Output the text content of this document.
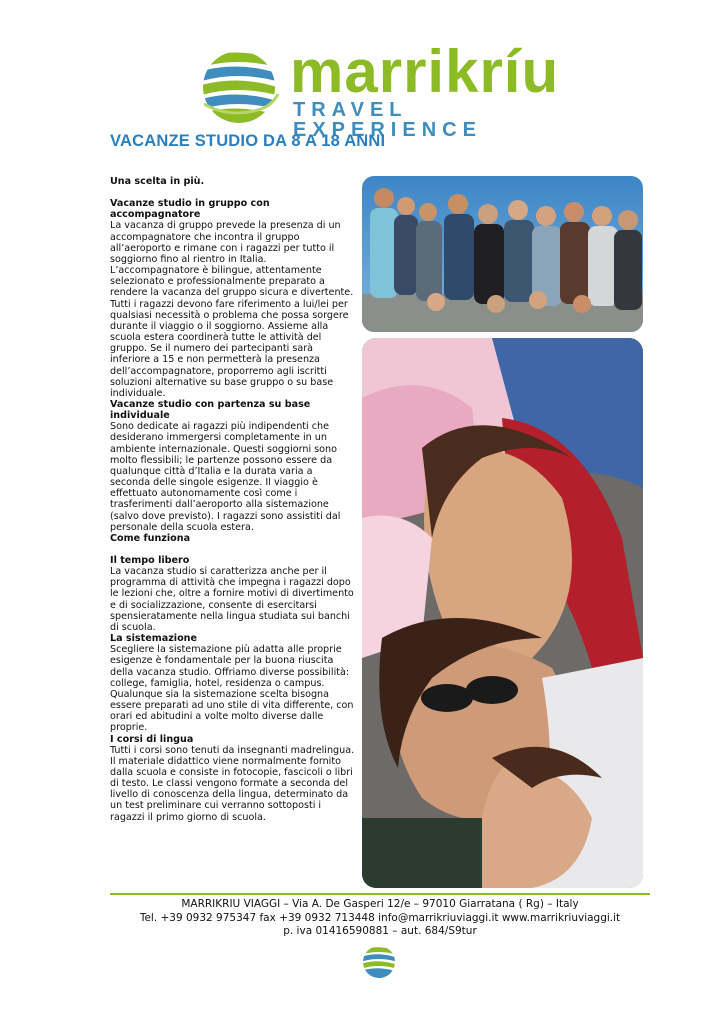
marrikríu
TRAVEL EXPERIENCE
VACANZE STUDIO DA 8 A 18 ANNI

Una scelta in più.

Vacanze studio in gruppo con accompagnatore

La vacanza di gruppo prevede la presenza di un accompagnatore che incontra il gruppo all’aeroporto e rimane con i ragazzi per tutto il soggiorno fino al rientro in Italia. L’accompagnatore è bilingue, attentamente selezionato e professionalmente preparato a rendere la vacanza del gruppo sicura e divertente. Tutti i ragazzi devono fare riferimento a lui/lei per qualsiasi necessità o problema che possa sorgere durante il viaggio o il soggiorno. Assieme alla scuola estera coordinerà tutte le attività del gruppo. Se il numero dei partecipanti sarà inferiore a 15 e non permetterà la presenza dell’accompagnatore, proporremo agli iscritti soluzioni alternative su base gruppo o su base individuale.

Vacanze studio con partenza su base individuale

Sono dedicate ai ragazzi più indipendenti che desiderano immergersi completamente in un ambiente internazionale. Questi soggiorni sono molto flessibili; le partenze possono essere da qualunque città d’Italia e la durata varia a seconda delle singole esigenze. Il viaggio è effettuato autonomamente così come i trasferimenti dall’aeroporto alla sistemazione (salvo dove previsto). I ragazzi sono assistiti dal personale della scuola estera.

Come funziona

Il tempo libero

La vacanza studio si caratterizza anche per il programma di attività che impegna i ragazzi dopo le lezioni che, oltre a fornire motivi di divertimento e di socializzazione, consente di esercitarsi spensieratamente nella lingua studiata sui banchi di scuola.

La sistemazione

Scegliere la sistemazione più adatta alle proprie esigenze è fondamentale per la buona riuscita della vacanza studio. Offriamo diverse possibilità: college, famiglia, hotel, residenza o campus. Qualunque sia la sistemazione scelta bisogna essere preparati ad uno stile di vita differente, con orari ed abitudini a volte molto diverse dalle proprie.

I corsi di lingua

Tutti i corsi sono tenuti da insegnanti madrelingua. Il materiale didattico viene normalmente fornito dalla scuola e consiste in fotocopie, fascicoli o libri di testo. Le classi vengono formate a seconda del livello di conoscenza della lingua, determinato da un test preliminare cui verranno sottoposti i ragazzi il primo giorno di scuola.

MARRIKRIU VIAGGI – Via A. De Gasperi 12/e – 97010 Giarratana ( Rg) – Italy
Tel. +39 0932 975347 fax +39 0932 713448 info@marrikriuviaggi.it www.marrikriuviaggi.it
p. iva 01416590881 – aut. 684/S9tur
